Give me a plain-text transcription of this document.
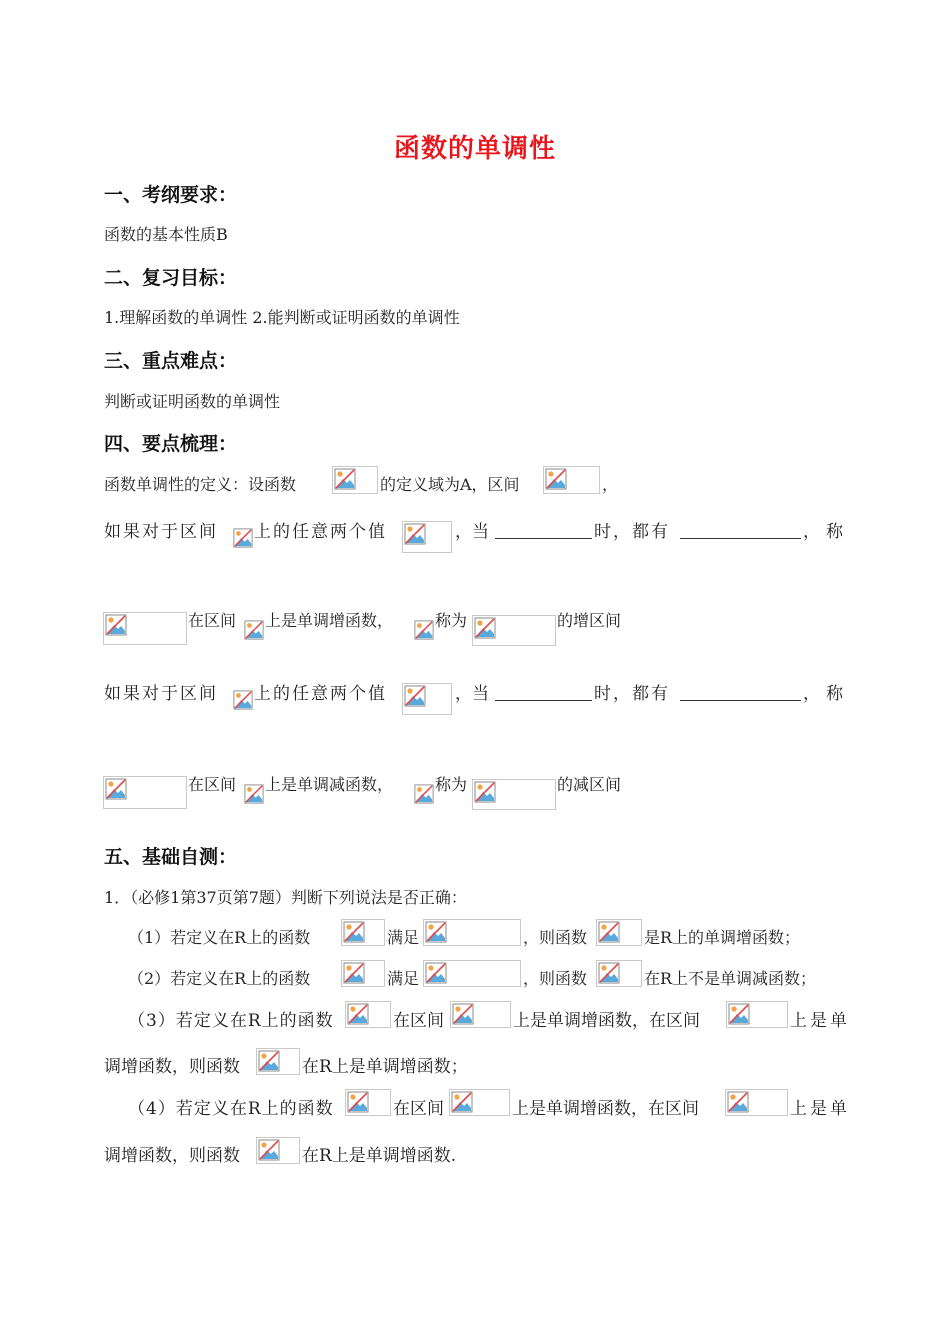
函数的单调性
一、考纲要求：
函数的基本性质B
二、复习目标：
1.理解函数的单调性 2.能判断或证明函数的单调性
三、重点难点：
判断或证明函数的单调性
四、要点梳理：
函数单调性的定义：设函数	的定义域为A，区间	，
如果对于区间 上的任意两个值	，当	时，都有	，称
在区间 上是单调增函数，	称为	的增区间
如果对于区间 上的任意两个值	，当	时，都有	，称
在区间 上是单调减函数，	称为	的减区间
五、基础自测：
1．（必修1第37页第7题）判断下列说法是否正确：
（1）若定义在R上的函数	满足	，则函数	是R上的单调增函数；
（2）若定义在R上的函数	满足	，则函数	在R上不是单调减函数；
（3）若定义在R上的函数	在区间	上是单调增函数，在区间	上是单
调增函数，则函数	在R上是单调增函数；
（4）若定义在R上的函数	在区间	上是单调增函数，在区间	上是单
调增函数，则函数	在R上是单调增函数.
